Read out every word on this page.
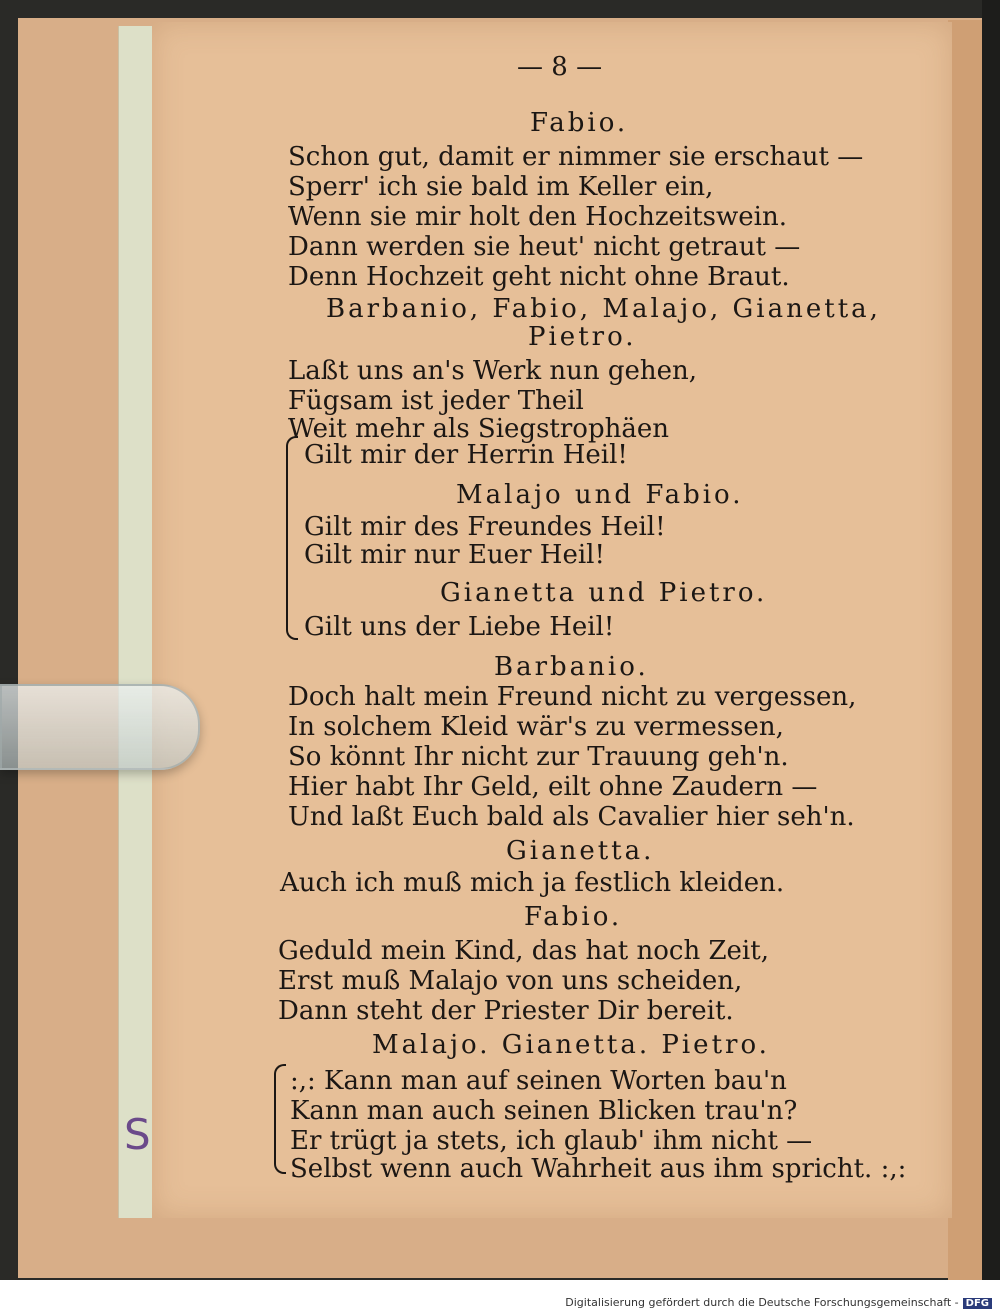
S
— 8 —
Fabio.
Schon gut, damit er nimmer sie erschaut —
Sperr' ich sie bald im Keller ein,
Wenn sie mir holt den Hochzeitswein.
Dann werden sie heut' nicht getraut —
Denn Hochzeit geht nicht ohne Braut.
Barbanio, Fabio, Malajo, Gianetta,
Pietro.
Laßt uns an's Werk nun gehen,
Fügsam ist jeder Theil
Weit mehr als Siegstrophäen
Gilt mir der Herrin Heil!
Malajo und Fabio.
Gilt mir des Freundes Heil!
Gilt mir nur Euer Heil!
Gianetta und Pietro.
Gilt uns der Liebe Heil!
Barbanio.
Doch halt mein Freund nicht zu vergessen,
In solchem Kleid wär's zu vermessen,
So könnt Ihr nicht zur Trauung geh'n.
Hier habt Ihr Geld, eilt ohne Zaudern —
Und laßt Euch bald als Cavalier hier seh'n.
Gianetta.
Auch ich muß mich ja festlich kleiden.
Fabio.
Geduld mein Kind, das hat noch Zeit,
Erst muß Malajo von uns scheiden,
Dann steht der Priester Dir bereit.
Malajo. Gianetta. Pietro.
:,: Kann man auf seinen Worten bau'n
Kann man auch seinen Blicken trau'n?
Er trügt ja stets, ich glaub' ihm nicht —
Selbst wenn auch Wahrheit aus ihm spricht. :,:
Digitalisierung gefördert durch die Deutsche Forschungsgemeinschaft - DFG
